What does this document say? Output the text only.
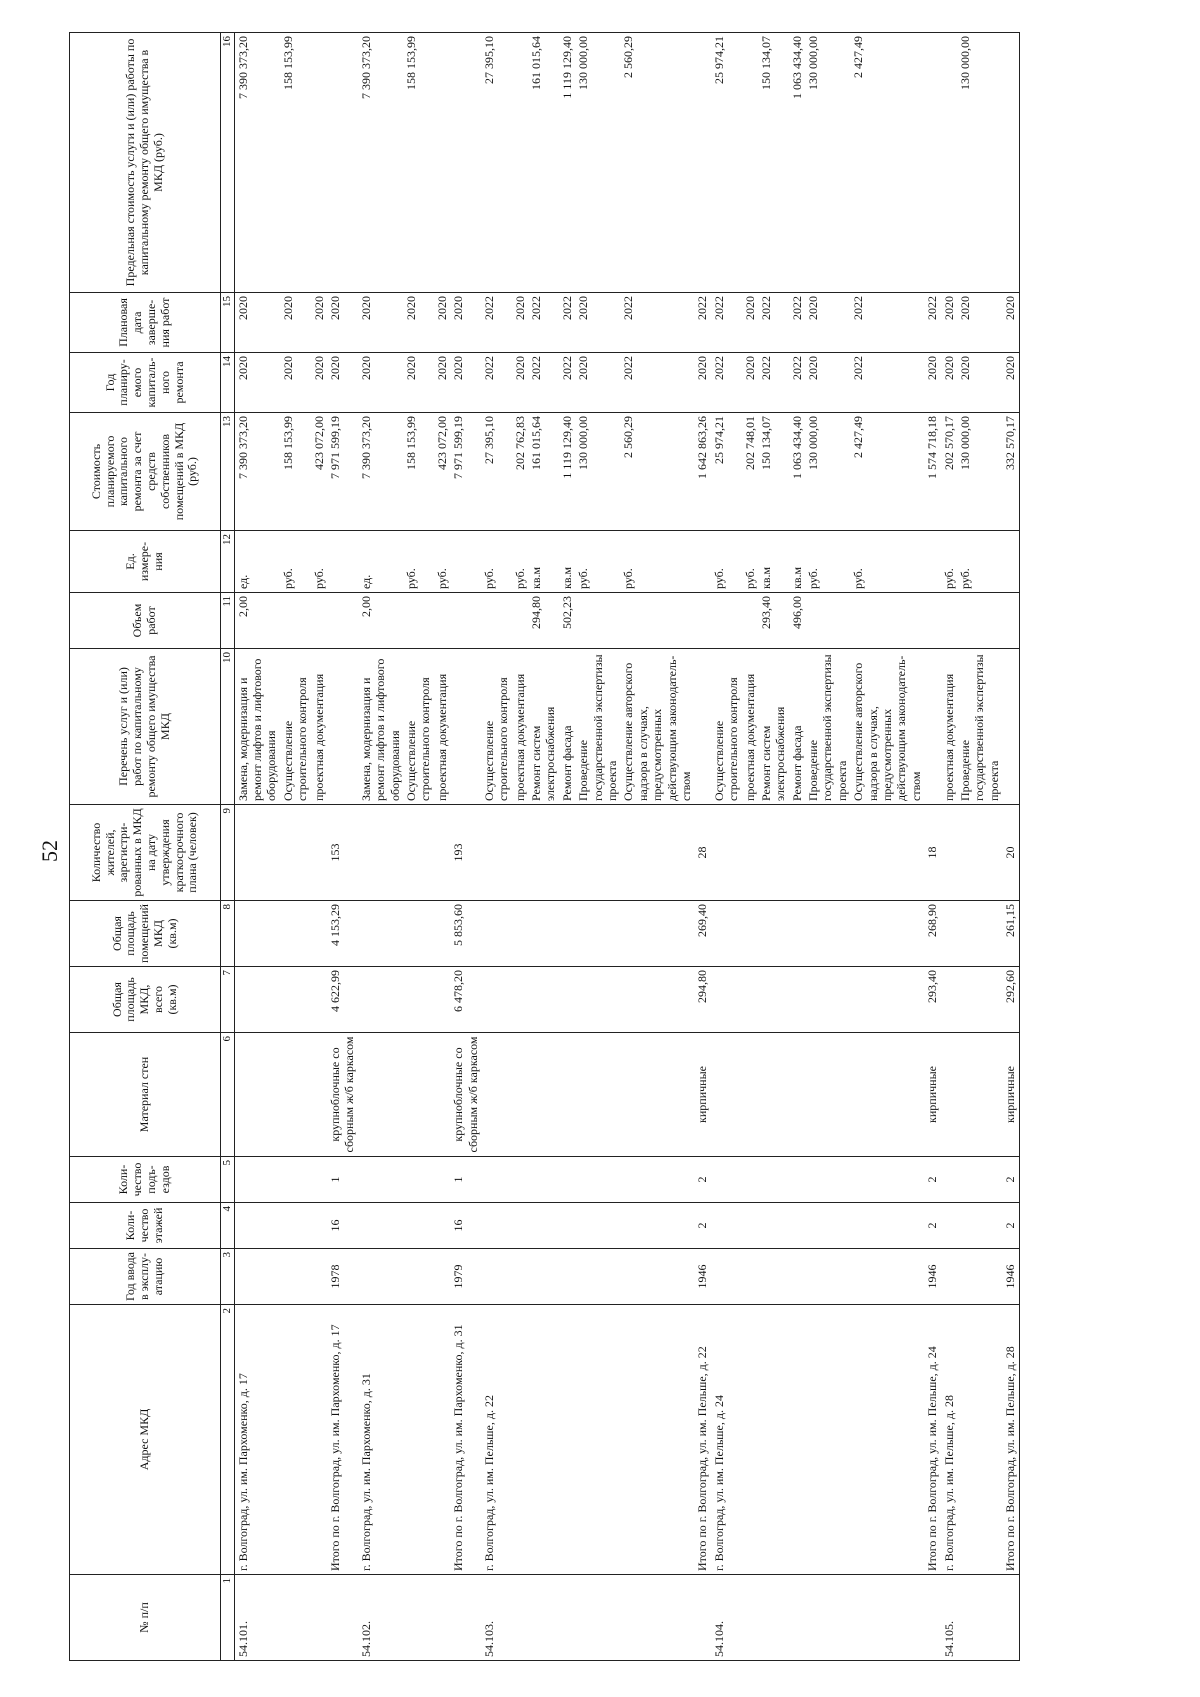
52
№ п/п	Адрес МКД	Год ввода в эксплу-атацию	Коли-чество этажей	Коли-чество подъ-ездов	Материал стен	Общая площадь МКД, всего (кв.м)	Общая площадь помещений МКД (кв.м)	Количество жителей, зарегистри-рованных в МКД на дату утверждения краткосрочного плана (человек)	Перечень услуг и (или) работ по капитальному ремонту общего имущества МКД	Объем работ	Ед. измере-ния	Стоимость планируемого капитального ремонта за счет средств собственников помещений в МКД (руб.)	Год планиру-емого капиталь-ного ремонта	Плановая дата заверше-ния работ	Предельная стоимость услуги и (или) работы по капитальному ремонту общего имущества в МКД (руб.)
1	2	3	4	5	6	7	8	9	10	11	12	13	14	15	16
54.101.	г. Волгоград, ул. им. Пархоменко, д. 17								Замена, модернизация и ремонт лифтов и лифтового оборудования	2,00	ед.	7 390 373,20	2020	2020	7 390 373,20
									Осуществление строительного контроля		руб.	158 153,99	2020	2020	158 153,99
									проектная документация		руб.	423 072,00	2020	2020	
	Итого по г. Волгоград, ул. им. Пархоменко, д. 17	1978	16	1	крупноблочные со сборным ж/б каркасом	4 622,99	4 153,29	153				7 971 599,19	2020	2020	
54.102.	г. Волгоград, ул. им. Пархоменко, д. 31								Замена, модернизация и ремонт лифтов и лифтового оборудования	2,00	ед.	7 390 373,20	2020	2020	7 390 373,20
									Осуществление строительного контроля		руб.	158 153,99	2020	2020	158 153,99
									проектная документация		руб.	423 072,00	2020	2020	
	Итого по г. Волгоград, ул. им. Пархоменко, д. 31	1979	16	1	крупноблочные со сборным ж/б каркасом	6 478,20	5 853,60	193				7 971 599,19	2020	2020	
54.103.	г. Волгоград, ул. им. Пельше, д. 22								Осуществление строительного контроля		руб.	27 395,10	2022	2022	27 395,10
									проектная документация		руб.	202 762,83	2020	2020	
									Ремонт систем электроснабжения	294,80	кв.м	161 015,64	2022	2022	161 015,64
									Ремонт фасада	502,23	кв.м	1 119 129,40	2022	2022	1 119 129,40
									Проведение государственной экспертизы проекта		руб.	130 000,00	2020	2020	130 000,00
									Осуществление авторского надзора в случаях, предусмотренных действующим законодатель-ством		руб.	2 560,29	2022	2022	2 560,29
	Итого по г. Волгоград, ул. им. Пельше, д. 22	1946	2	2	кирпичные	294,80	269,40	28				1 642 863,26	2020	2022	
54.104.	г. Волгоград, ул. им. Пельше, д. 24								Осуществление строительного контроля		руб.	25 974,21	2022	2022	25 974,21
									проектная документация		руб.	202 748,01	2020	2020	
									Ремонт систем электроснабжения	293,40	кв.м	150 134,07	2022	2022	150 134,07
									Ремонт фасада	496,00	кв.м	1 063 434,40	2022	2022	1 063 434,40
									Проведение государственной экспертизы проекта		руб.	130 000,00	2020	2020	130 000,00
									Осуществление авторского надзора в случаях, предусмотренных действующим законодатель-ством		руб.	2 427,49	2022	2022	2 427,49
	Итого по г. Волгоград, ул. им. Пельше, д. 24	1946	2	2	кирпичные	293,40	268,90	18				1 574 718,18	2020	2022	
54.105.	г. Волгоград, ул. им. Пельше, д. 28								проектная документация		руб.	202 570,17	2020	2020	
									Проведение государственной экспертизы проекта		руб.	130 000,00	2020	2020	130 000,00
	Итого по г. Волгоград, ул. им. Пельше, д. 28	1946	2	2	кирпичные	292,60	261,15	20				332 570,17	2020	2020	
